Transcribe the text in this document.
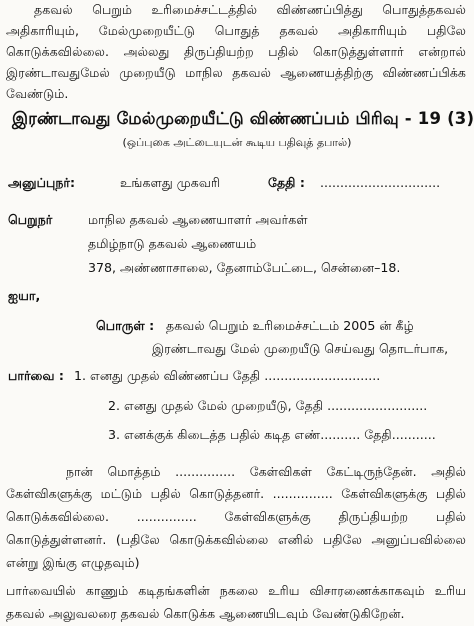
தகவல் பெறும் உரிமைச்சட்டத்தில் விண்ணப்பித்து பொதுத்தகவல்
அதிகாரியும், மேல்முறையீட்டு பொதுத் தகவல் அதிகாரியும் பதிலே
கொடுக்கவில்லை. அல்லது திருப்தியற்ற பதில் கொடுத்துள்ளார் என்றால்
இரண்டாவதுமேல் முறையீடு மாநில தகவல் ஆணையத்திற்கு விண்ணப்பிக்க
வேண்டும்.
இரண்டாவது மேல்முறையீட்டு விண்ணப்பம் பிரிவு - 19 (3)
(ஒப்புகை அட்டையுடன் கூடிய பதிவுத் தபால்)
அனுப்புநர்:	உங்களது முகவரி	தேதி : ..............................
பெறுநர்	மாநில தகவல் ஆணையாளர் அவர்கள்
தமிழ்நாடு தகவல் ஆணையம்
378, அண்ணாசாலை, தேனாம்பேட்டை, சென்னை–18.
ஐயா,
பொருள் : தகவல் பெறும் உரிமைச்சட்டம் 2005 ன் கீழ்
இரண்டாவது மேல் முறையீடு செய்வது தொடர்பாக,
பார்வை : 1. எனது முதல் விண்ணப்ப தேதி .............................
2. எனது முதல் மேல் முறையீடு, தேதி .........................
3. எனக்குக் கிடைத்த பதில் கடித எண்.......... தேதி...........
நான் மொத்தம் ............... கேள்விகள் கேட்டிருந்தேன். அதில்
கேள்விகளுக்கு மட்டும் பதில் கொடுத்தனர். ............... கேள்விகளுக்கு பதில்
கொடுக்கவில்லை. ............... கேள்விகளுக்கு திருப்தியற்ற பதில்
கொடுத்துள்ளனர். (பதிலே கொடுக்கவில்லை எனில் பதிலே அனுப்பவில்லை
என்று இங்கு எழுதவும்)
பார்வையில் காணும் கடிதங்களின் நகலை உரிய விசாரணைக்காகவும் உரிய
தகவல் அலுவலரை தகவல் கொடுக்க ஆணையிடவும் வேண்டுகிறேன்.
